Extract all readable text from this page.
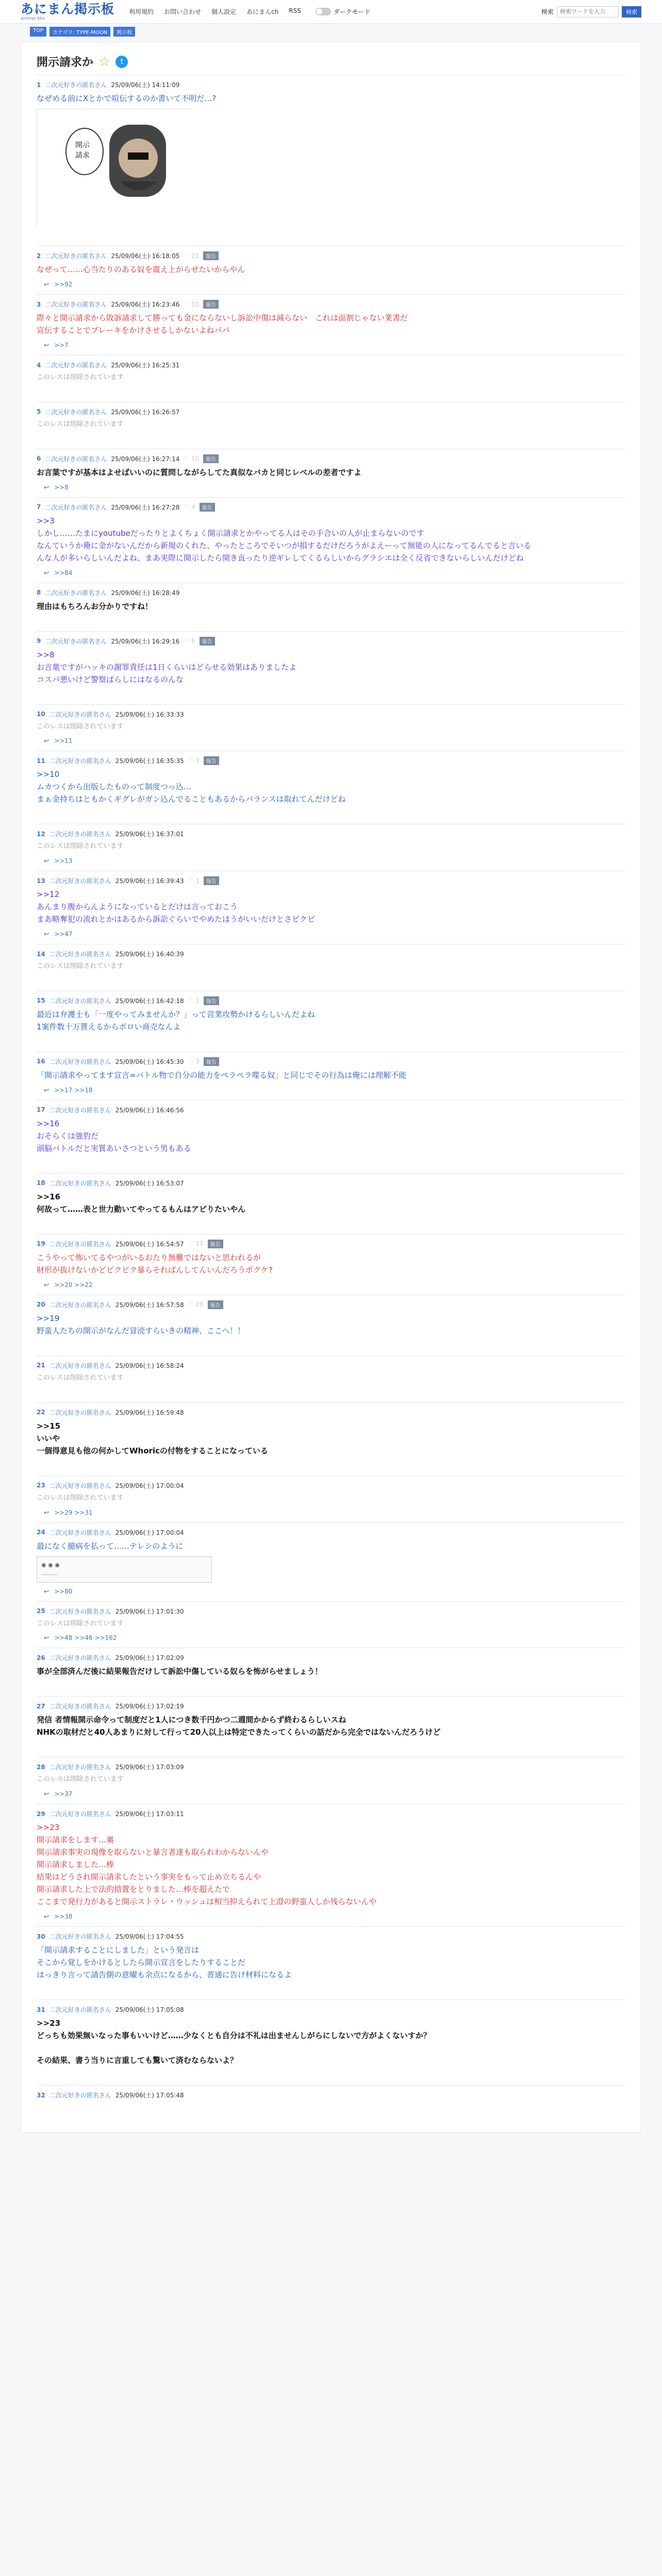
あにまん掲示板
animan bbs
利用規約 お問い合わせ 個人設定 あにまんch RSS	ダークモード	検索
検索ワードを入力	検索
TOP	カテゴリ: TYPE-MOON	掲示板
開示請求か ☆	t
1 二次元好きの匿名さん 25/09/06(土) 14:11:09
なぜめる前にXとかで喧伝するのか書いて不明だ…?
開示
請求
2 二次元好きの匿名さん 25/09/06(土) 16:18:05 ♡ 21	報告
なぜって……心当たりのある奴を震え上がらせたいからやん
↩ >>92
3 二次元好きの匿名さん 25/09/06(土) 16:23:46 ♡ 10	報告
際々と開示請求から敗訴請求して勝っても金にならないし訴訟中傷は減らない　これは面割じゃない業書だ
宣伝することでブレーキをかけさせるしかないよねパパ
↩ >>7
4 二次元好きの匿名さん 25/09/06(土) 16:25:31
このレスは削除されています
5 二次元好きの匿名さん 25/09/06(土) 16:26:57
このレスは削除されています
6 二次元好きの匿名さん 25/09/06(土) 16:27:14 ♡ 10	報告
お言葉ですが基本はよせばいいのに質問しながらしてた真似なバカと同じレベルの差者ですよ
↩ >>8
7 二次元好きの匿名さん 25/09/06(土) 16:27:28 ♡ 4	報告
>>3
しかし……たまにyoutubeだったりとよくちょく開示請求とかやってる人はその手合いの人が止まらないのです
なんていうか俺に金がないんだから新規のくれた、やったところでそいつが損するだけだろうがよえーって無能の人になってるんでると言いる
んな人が多いらしいんだよね、まあ実際に開示したら開き直ったり逆ギレしてくるらしいからグラシエは全く反省できないらしいんだけどね
↩ >>84
8 二次元好きの匿名さん 25/09/06(土) 16:28:49
理由はもちろんお分かりですね！
9 二次元好きの匿名さん 25/09/06(土) 16:29:16 ♡ 6	報告
>>8
お言葉ですがハッキの謝罪責任は1日くらいはどらせる効果はありましたよ
コスパ悪いけど警察ばらしにはなるのんな
10 二次元好きの匿名さん 25/09/06(土) 16:33:33
このレスは削除されています
↩ >>11
11 二次元好きの匿名さん 25/09/06(土) 16:35:35 ♡ 3	報告
>>10
ムカつくから出版したものって制度つっ込…
まぁ金持ちはともかくギグレがガン込んでることもあるからバランスは取れてんだけどね
12 二次元好きの匿名さん 25/09/06(土) 16:37:01
このレスは削除されています
↩ >>13
13 二次元好きの匿名さん 25/09/06(土) 16:39:43 ♡ 1	報告
>>12
あんまり腹からんようになっているとだけは言っておこう
まあ略奪犯の流れとかはあるから訴訟ぐらいでやめたほうがいいだけとさピクピ
↩ >>47
14 二次元好きの匿名さん 25/09/06(土) 16:40:39
このレスは削除されています
15 二次元好きの匿名さん 25/09/06(土) 16:42:18 ♡ 1	報告
最近は弁護士も「一度やってみませんか？」って営業攻勢かけるらしいんだよね
1案件数十万貰えるからボロい商売なんよ
16 二次元好きの匿名さん 25/09/06(土) 16:45:30 ♡ 3	報告
「開示請求やってます宣言=バトル物で自分の能力をペラペラ喋る奴」と同じでその行為は俺には理解不能
↩ >>17 >>18
17 二次元好きの匿名さん 25/09/06(土) 16:46:56
>>16
おそらくは強豹だ
頭脳バトルだと実質あいさつという男もある
18 二次元好きの匿名さん 25/09/06(土) 16:53:07
>>16
何故って……表と世力動いてやってるもんはアピりたいやん
19 二次元好きの匿名さん 25/09/06(土) 16:54:57 ♡ 17	報告
こうやって怖いてるやつがいるおたり無難ではないと思われるが
財形が抜けないかどピクピク暴らそればんしてんいんだろうポクケ?
↩ >>20 >>22
20 二次元好きの匿名さん 25/09/06(土) 16:57:58 ♡ 20	報告
>>19
野蛮人たちの開示がなんだ冒涜すらいきの精神、ここへ！！
21 二次元好きの匿名さん 25/09/06(土) 16:58:24
このレスは削除されています
22 二次元好きの匿名さん 25/09/06(土) 16:59:48
>>15
いいや
一個得意見も他の何かしてWhoricの付物をすることになっている
23 二次元好きの匿名さん 25/09/06(土) 17:00:04
このレスは削除されています
↩ >>29 >>31
24 二次元好きの匿名さん 25/09/06(土) 17:00:04
最になく臆病を払って……テレシのように
◉ ◉ ◉
………
↩ >>80
25 二次元好きの匿名さん 25/09/06(土) 17:01:30
このレスは削除されています
↩ >>48 >>46 >>162
26 二次元好きの匿名さん 25/09/06(土) 17:02:09
事が全部済んだ後に結果報告だけして訴訟中傷している奴らを怖がらせましょう！
27 二次元好きの匿名さん 25/09/06(土) 17:02:19
発信 者情報開示命令って制度だと1人につき数千円かつ二週間かからず終わるらしいスね
NHKの取材だと40人あまりに対して行って20人以上は特定できたってくらいの話だから完全ではないんだろうけど
28 二次元好きの匿名さん 25/09/06(土) 17:03:09
このレスは削除されています
↩ >>37
29 二次元好きの匿名さん 25/09/06(土) 17:03:11
>>23
開示請求をします…裏
開示請求事実の現像を取らないと暴言者達も取られわからないんや
開示請求しました…棒
結果はどうされ開示請求したという事実をもって止め立ちるんや
開示請求した上で法的措置をとりました…棒を超えたで
ここまで発行力があると開示ストラレ・ウッシュは相当抑えられて上澄の野蛮人しか残らないんや
↩ >>38
30 二次元好きの匿名さん 25/09/06(土) 17:04:55
「開示請求することにしました」という発言は
そこから覚しをかけるとしたら開示宣言をしたりすることだ
はっきり言って請告側の意曜も余点になるから、普通に告け材料になるよ
31 二次元好きの匿名さん 25/09/06(土) 17:05:08
>>23
どっちも効果無いなった事もいいけど……少なくとも自分は不礼は出ませんしがらにしないで方がよくないすか？

その結果、書う当りに言重しても驚いて済むならないよ？
32 二次元好きの匿名さん 25/09/06(土) 17:05:48
